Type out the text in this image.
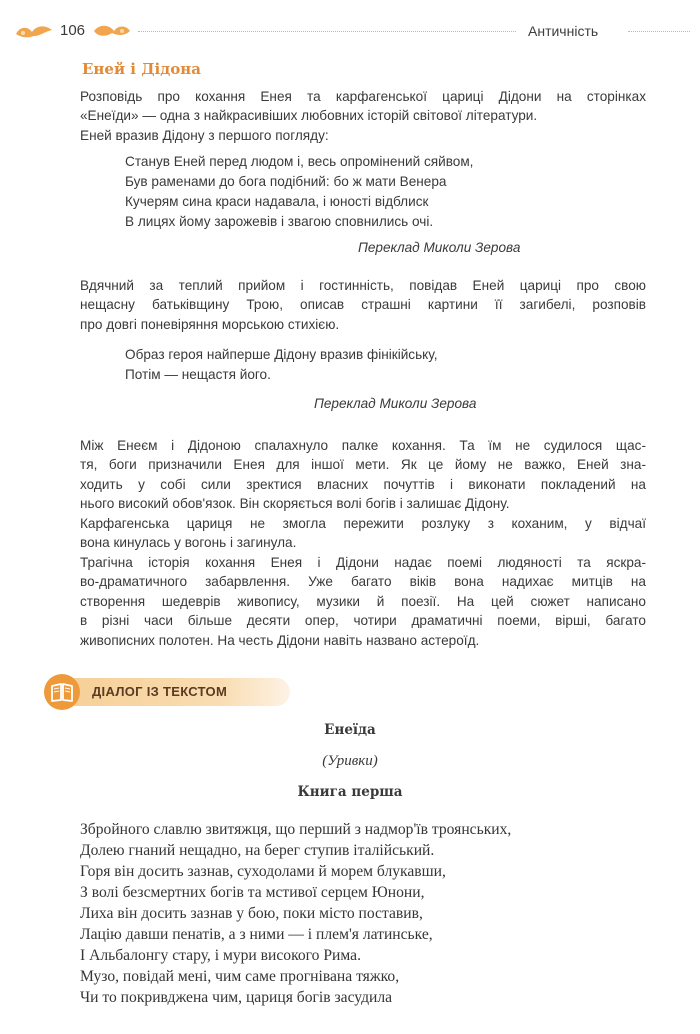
106	Античність
Еней і Дідона
Розповідь про кохання Енея та карфагенської цариці Дідони на сторінках
«Енеїди» — одна з найкрасивіших любовних історій світової літератури.
Еней вразив Дідону з першого погляду:
Станув Еней перед людом і, весь опромінений сяйвом,
Був раменами до бога подібний: бо ж мати Венера
Кучерям сина краси надавала, і юності відблиск
В лицях йому зарожевів і звагою сповнились очі.
Переклад Миколи Зерова
Вдячний за теплий прийом і гостинність, повідав Еней цариці про свою
нещасну батьківщину Трою, описав страшні картини її загибелі, розповів
про довгі поневіряння морською стихією.
Образ героя найперше Дідону вразив фінікійську,
Потім — нещастя його.
Переклад Миколи Зерова
Між Енеєм і Дідоною спалахнуло палке кохання. Та їм не судилося щас-
тя, боги призначили Енея для іншої мети. Як це йому не важко, Еней зна-
ходить у собі сили зректися власних почуттів і виконати покладений на
нього високий обов'язок. Він скоряється волі богів і залишає Дідону.
Карфагенська цариця не змогла пережити розлуку з коханим, у відчаї
вона кинулась у вогонь і загинула.
Трагічна історія кохання Енея і Дідони надає поемі людяності та яскра-
во-драматичного забарвлення. Уже багато віків вона надихає митців на
створення шедеврів живопису, музики й поезії. На цей сюжет написано
в різні часи більше десяти опер, чотири драматичні поеми, вірші, багато
живописних полотен. На честь Дідони навіть названо астероїд.
ДІАЛОГ ІЗ ТЕКСТОМ
Енеїда
(Уривки)
Книга перша
Збройного славлю звитяжця, що перший з надмор'їв троянських,
Долею гнаний нещадно, на берег ступив італійський.
Горя він досить зазнав, суходолами й морем блукавши,
З волі безсмертних богів та мстивої серцем Юнони,
Лиха він досить зазнав у бою, поки місто поставив,
Лацію давши пенатів, а з ними — і плем'я латинське,
І Альбалонгу стару, і мури високого Рима.
Музо, повідай мені, чим саме прогнівана тяжко,
Чи то покривджена чим, цариця богів засудила
